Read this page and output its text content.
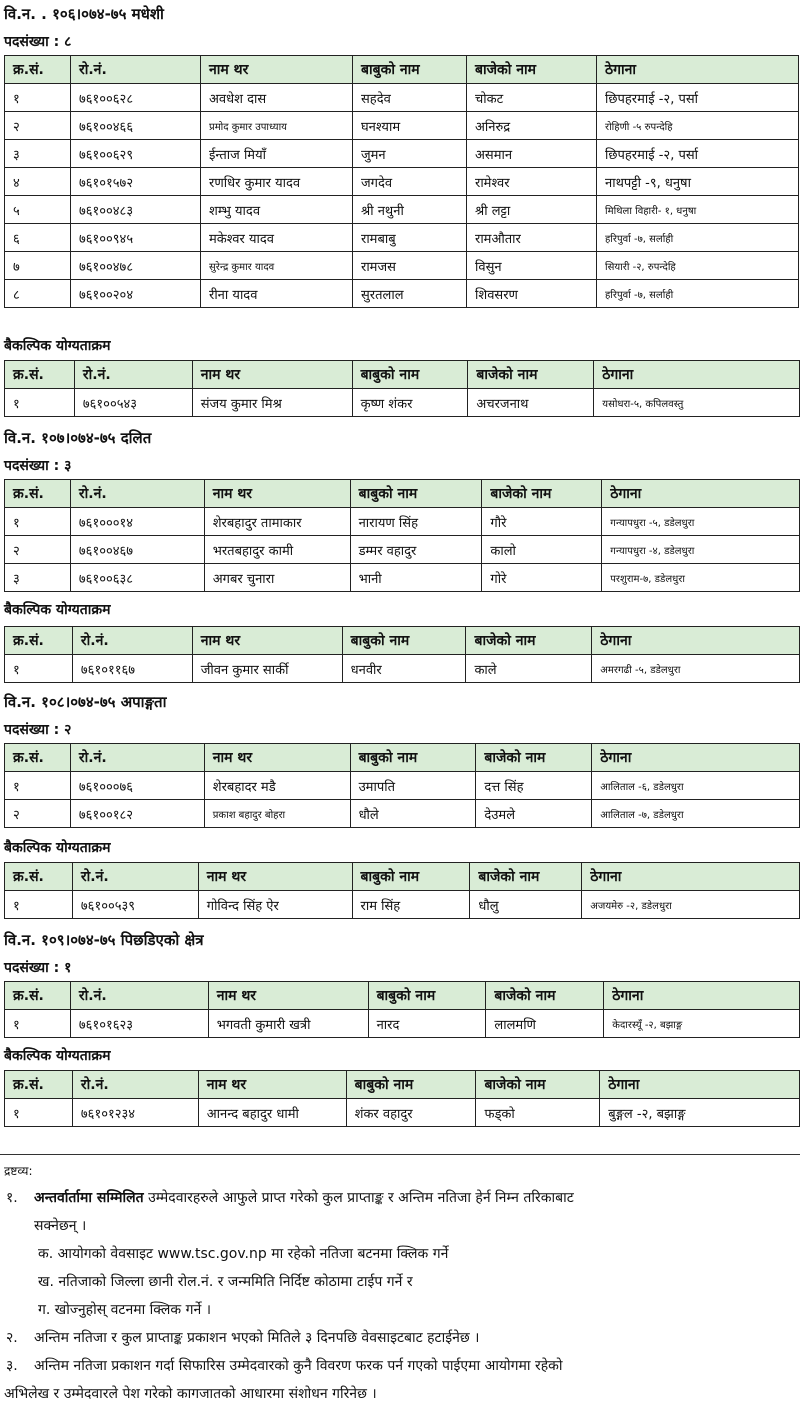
वि.न. . १०६।०७४-७५ मधेशी
पदसंख्या : ८
क्र.सं.	रो.नं.	नाम थर	बाबुको नाम	बाजेको नाम	ठेगाना
१	७६१००६२८	अवधेश दास	सहदेव	चोकट	छिपहरमाई -२, पर्सा
२	७६१००४६६	प्रमोद कुमार उपाध्याय	घनश्याम	अनिरुद्र	रोहिणी -५ रुपन्देहि
३	७६१००६२९	ईन्ताज मियाँ	जुमन	असमान	छिपहरमाई -२, पर्सा
४	७६१०१५७२	रणधिर कुमार यादव	जगदेव	रामेश्वर	नाथपट्टी -९, धनुषा
५	७६१००४८३	शम्भु यादव	श्री नथुनी	श्री लट्टा	मिथिला विहारी- १, धनुषा
६	७६१००९४५	मकेश्वर यादव	रामबाबु	रामऔतार	हरिपुर्वा -७, सर्लाही
७	७६१००४७८	सुरेन्द्र कुमार यादव	रामजस	विसुन	सियारी -२, रुपन्देहि
८	७६१००२०४	रीना यादव	सुरतलाल	शिवसरण	हरिपुर्वा -७, सर्लाही
बैकल्पिक योग्यताक्रम
क्र.सं.	रो.नं.	नाम थर	बाबुको नाम	बाजेको नाम	ठेगाना
१	७६१००५४३	संजय कुमार मिश्र	कृष्ण शंकर	अचरजनाथ	यसोधरा-५, कपिलवस्तु
वि.न. १०७।०७४-७५ दलित
पदसंख्या : ३
क्र.सं.	रो.नं.	नाम थर	बाबुको नाम	बाजेको नाम	ठेगाना
१	७६१०००१४	शेरबहादुर तामाकार	नारायण सिंह	गौरे	गन्यापधुरा -५, डडेलधुरा
२	७६१००४६७	भरतबहादुर कामी	डम्मर वहादुर	कालो	गन्यापधुरा -४, डडेलधुरा
३	७६१००६३८	अगबर चुनारा	भानी	गोरे	परशुराम-७, डडेलधुरा
बैकल्पिक योग्यताक्रम
क्र.सं.	रो.नं.	नाम थर	बाबुको नाम	बाजेको नाम	ठेगाना
१	७६१०११६७	जीवन कुमार सार्की	धनवीर	काले	अमरगढी -५, डडेलधुरा
वि.न. १०८।०७४-७५ अपाङ्गता
पदसंख्या : २
क्र.सं.	रो.नं.	नाम थर	बाबुको नाम	बाजेको नाम	ठेगाना
१	७६१०००७६	शेरबहादर मडै	उमापति	दत्त सिंह	आलिताल -६, डडेलधुरा
२	७६१००१८२	प्रकाश बहादुर बोहरा	धौले	देउमले	आलिताल -७, डडेलधुरा
बैकल्पिक योग्यताक्रम
क्र.सं.	रो.नं.	नाम थर	बाबुको नाम	बाजेको नाम	ठेगाना
१	७६१००५३९	गोविन्द सिंह ऐर	राम सिंह	धौलु	अजयमेरु -२, डडेलधुरा
वि.न. १०९।०७४-७५ पिछडिएको क्षेत्र
पदसंख्या : १
क्र.सं.	रो.नं.	नाम थर	बाबुको नाम	बाजेको नाम	ठेगाना
१	७६१०१६२३	भगवती कुमारी खत्री	नारद	लालमणि	केदारस्यूँ -२, बझाङ्ग
बैकल्पिक योग्यताक्रम
क्र.सं.	रो.नं.	नाम थर	बाबुको नाम	बाजेको नाम	ठेगाना
१	७६१०१२३४	आनन्द बहादुर धामी	शंकर वहादुर	फड्को	बुङ्गल -२, बझाङ्ग
द्रष्टव्य:
१. अन्तर्वार्तामा सम्मिलित उम्मेदवारहरुले आफुले प्राप्त गरेको कुल प्राप्ताङ्क र अन्तिम नतिजा हेर्न निम्न तरिकाबाट
सक्नेछन् ।
क. आयोगको वेवसाइट www.tsc.gov.np मा रहेको नतिजा बटनमा क्लिक गर्ने
ख. नतिजाको जिल्ला छानी रोल.नं. र जन्ममिति निर्दिष्ट कोठामा टाईप गर्ने र
ग. खोज्नुहोस् वटनमा क्लिक गर्ने ।
२. अन्तिम नतिजा र कुल प्राप्ताङ्क प्रकाशन भएको मितिले ३ दिनपछि वेवसाइटबाट हटाईनेछ ।
३. अन्तिम नतिजा प्रकाशन गर्दा सिफारिस उम्मेदवारको कुनै विवरण फरक पर्न गएको पाईएमा आयोगमा रहेको
अभिलेख र उम्मेदवारले पेश गरेको कागजातको आधारमा संशोधन गरिनेछ ।
